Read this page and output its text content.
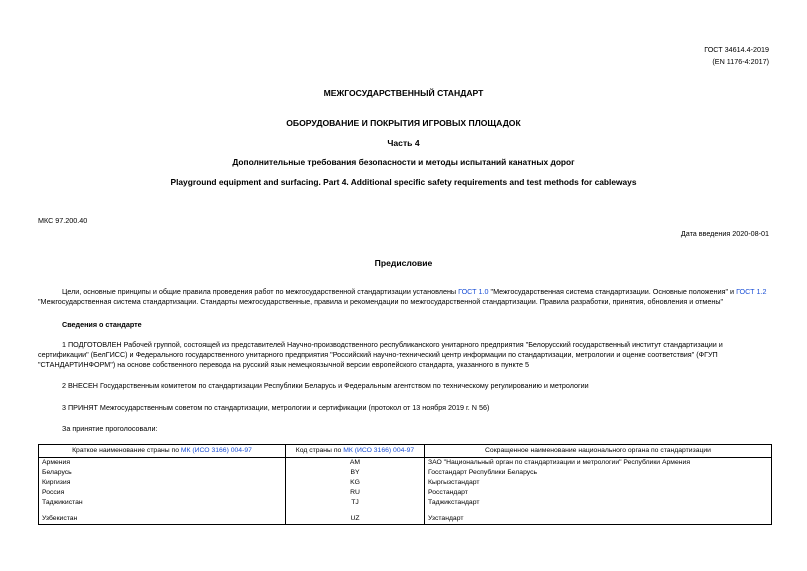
ГОСТ 34614.4-2019
(EN 1176-4:2017)
МЕЖГОСУДАРСТВЕННЫЙ СТАНДАРТ
ОБОРУДОВАНИЕ И ПОКРЫТИЯ ИГРОВЫХ ПЛОЩАДОК
Часть 4
Дополнительные требования безопасности и методы испытаний канатных дорог
Playground equipment and surfacing. Part 4. Additional specific safety requirements and test methods for cableways
МКС 97.200.40
Дата введения 2020-08-01
Предисловие
Цели, основные принципы и общие правила проведения работ по межгосударственной стандартизации установлены ГОСТ 1.0 "Межгосударственная система стандартизации. Основные положения" и ГОСТ 1.2 "Межгосударственная система стандартизации. Стандарты межгосударственные, правила и рекомендации по межгосударственной стандартизации. Правила разработки, принятия, обновления и отмены"
Сведения о стандарте
1 ПОДГОТОВЛЕН Рабочей группой, состоящей из представителей Научно-производственного республиканского унитарного предприятия "Белорусский государственный институт стандартизации и сертификации" (БелГИСС) и Федерального государственного унитарного предприятия "Российский научно-технический центр информации по стандартизации, метрологии и оценке соответствия" (ФГУП "СТАНДАРТИНФОРМ") на основе собственного перевода на русский язык немецкоязычной версии европейского стандарта, указанного в пункте 5
2 ВНЕСЕН Государственным комитетом по стандартизации Республики Беларусь и Федеральным агентством по техническому регулированию и метрологии
3 ПРИНЯТ Межгосударственным советом по стандартизации, метрологии и сертификации (протокол от 13 ноября 2019 г. N 56)
За принятие проголосовали:
Краткое наименование страны по МК (ИСО 3166) 004-97	Код страны по МК (ИСО 3166) 004-97	Сокращенное наименование национального органа по стандартизации
Армения	AM	ЗАО "Национальный орган по стандартизации и метрологии" Республики Армения
Беларусь	BY	Госстандарт Республики Беларусь
Киргизия	KG	Кыргызстандарт
Россия	RU	Росстандарт
Таджикистан	TJ	Таджикстандарт

Узбекистан	UZ	Узстандарт
